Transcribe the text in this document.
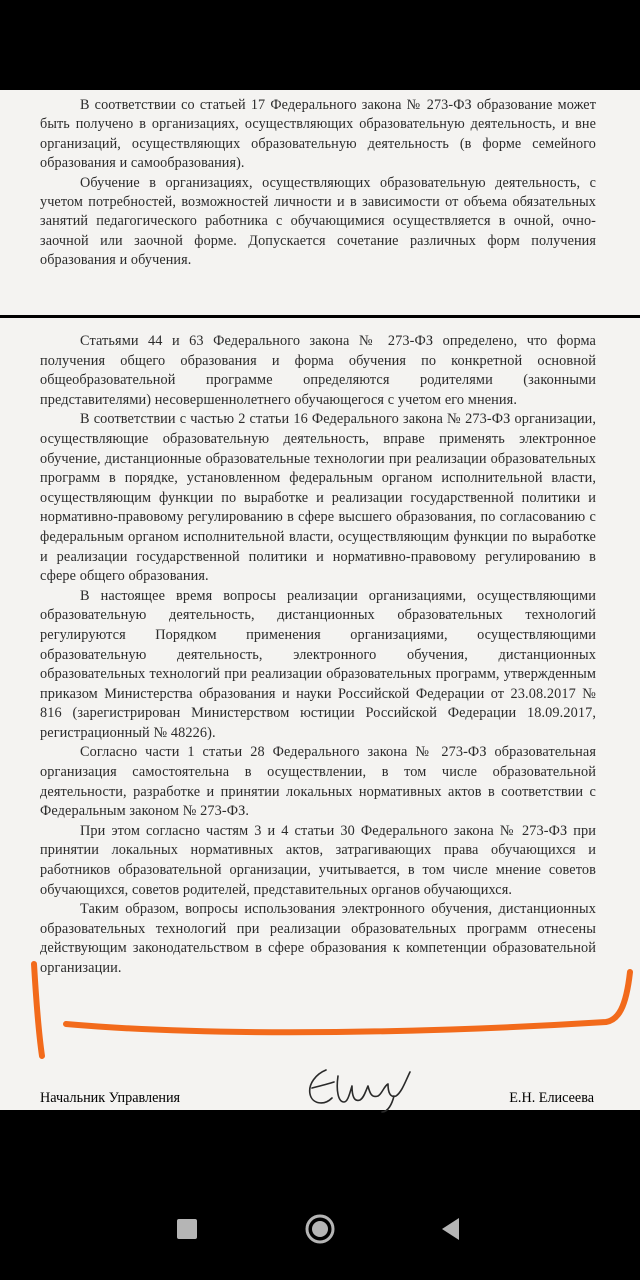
В соответствии со статьей 17 Федерального закона № 273-ФЗ образование может быть получено в организациях, осуществляющих образовательную деятельность, и вне организаций, осуществляющих образовательную деятельность (в форме семейного образования и самообразования).

Обучение в организациях, осуществляющих образовательную деятельность, с учетом потребностей, возможностей личности и в зависимости от объема обязательных занятий педагогического работника с обучающимися осуществляется в очной, очно-заочной или заочной форме. Допускается сочетание различных форм получения образования и обучения.

Статьями 44 и 63 Федерального закона № 273-ФЗ определено, что форма получения общего образования и форма обучения по конкретной основной общеобразовательной программе определяются родителями (законными представителями) несовершеннолетнего обучающегося с учетом его мнения.

В соответствии с частью 2 статьи 16 Федерального закона № 273-ФЗ организации, осуществляющие образовательную деятельность, вправе применять электронное обучение, дистанционные образовательные технологии при реализации образовательных программ в порядке, установленном федеральным органом исполнительной власти, осуществляющим функции по выработке и реализации государственной политики и нормативно-правовому регулированию в сфере высшего образования, по согласованию с федеральным органом исполнительной власти, осуществляющим функции по выработке и реализации государственной политики и нормативно-правовому регулированию в сфере общего образования.

В настоящее время вопросы реализации организациями, осуществляющими образовательную деятельность, дистанционных образовательных технологий регулируются Порядком применения организациями, осуществляющими образовательную деятельность, электронного обучения, дистанционных образовательных технологий при реализации образовательных программ, утвержденным приказом Министерства образования и науки Российской Федерации от 23.08.2017 № 816 (зарегистрирован Министерством юстиции Российской Федерации 18.09.2017, регистрационный № 48226).

Согласно части 1 статьи 28 Федерального закона № 273-ФЗ образовательная организация самостоятельна в осуществлении, в том числе образовательной деятельности, разработке и принятии локальных нормативных актов в соответствии с Федеральным законом № 273-ФЗ.

При этом согласно частям 3 и 4 статьи 30 Федерального закона № 273-ФЗ при принятии локальных нормативных актов, затрагивающих права обучающихся и работников образовательной организации, учитывается, в том числе мнение советов обучающихся, советов родителей, представительных органов обучающихся.

Таким образом, вопросы использования электронного обучения, дистанционных образовательных технологий при реализации образовательных программ отнесены действующим законодательством в сфере образования к компетенции образовательной организации.

Начальник Управления	Е.Н. Елисеева
